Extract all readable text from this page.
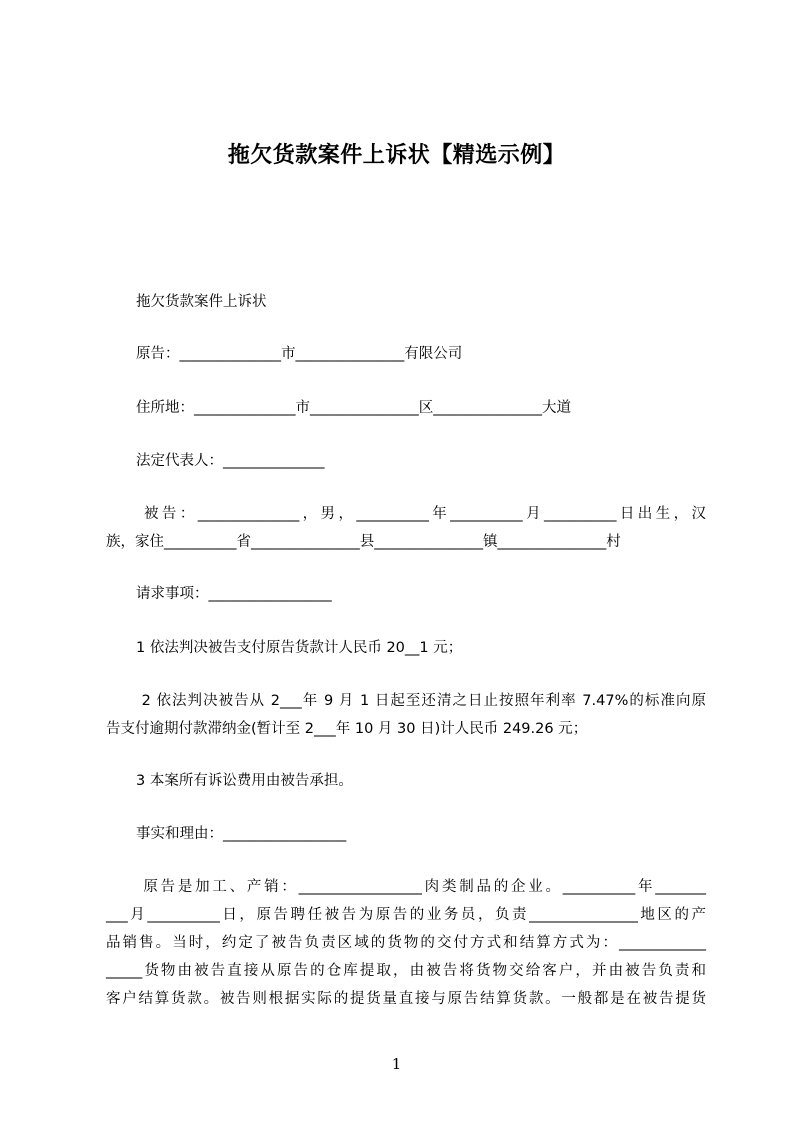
拖欠货款案件上诉状【精选示例】

拖欠货款案件上诉状

原告：______________市_______________有限公司

住所地：______________市_______________区_______________大道

法定代表人：______________

被告：______________，男，__________年__________月__________日出生，汉
族，家住__________省_______________县_______________镇_______________村

请求事项：_________________

1 依法判决被告支付原告货款计人民币 20__1 元；

2 依法判决被告从 2___年 9 月 1 日起至还清之日止按照年利率 7.47%的标准向原
告支付逾期付款滞纳金(暂计至 2___年 10 月 30 日)计人民币 249.26 元；

3 本案所有诉讼费用由被告承担。

事实和理由：_________________

原告是加工、产销：_________________肉类制品的企业。__________年_______
___月__________日，原告聘任被告为原告的业务员，负责_______________地区的产
品销售。当时，约定了被告负责区域的货物的交付方式和结算方式为：____________
_____货物由被告直接从原告的仓库提取，由被告将货物交给客户，并由被告负责和
客户结算货款。被告则根据实际的提货量直接与原告结算货款。一般都是在被告提货

1
